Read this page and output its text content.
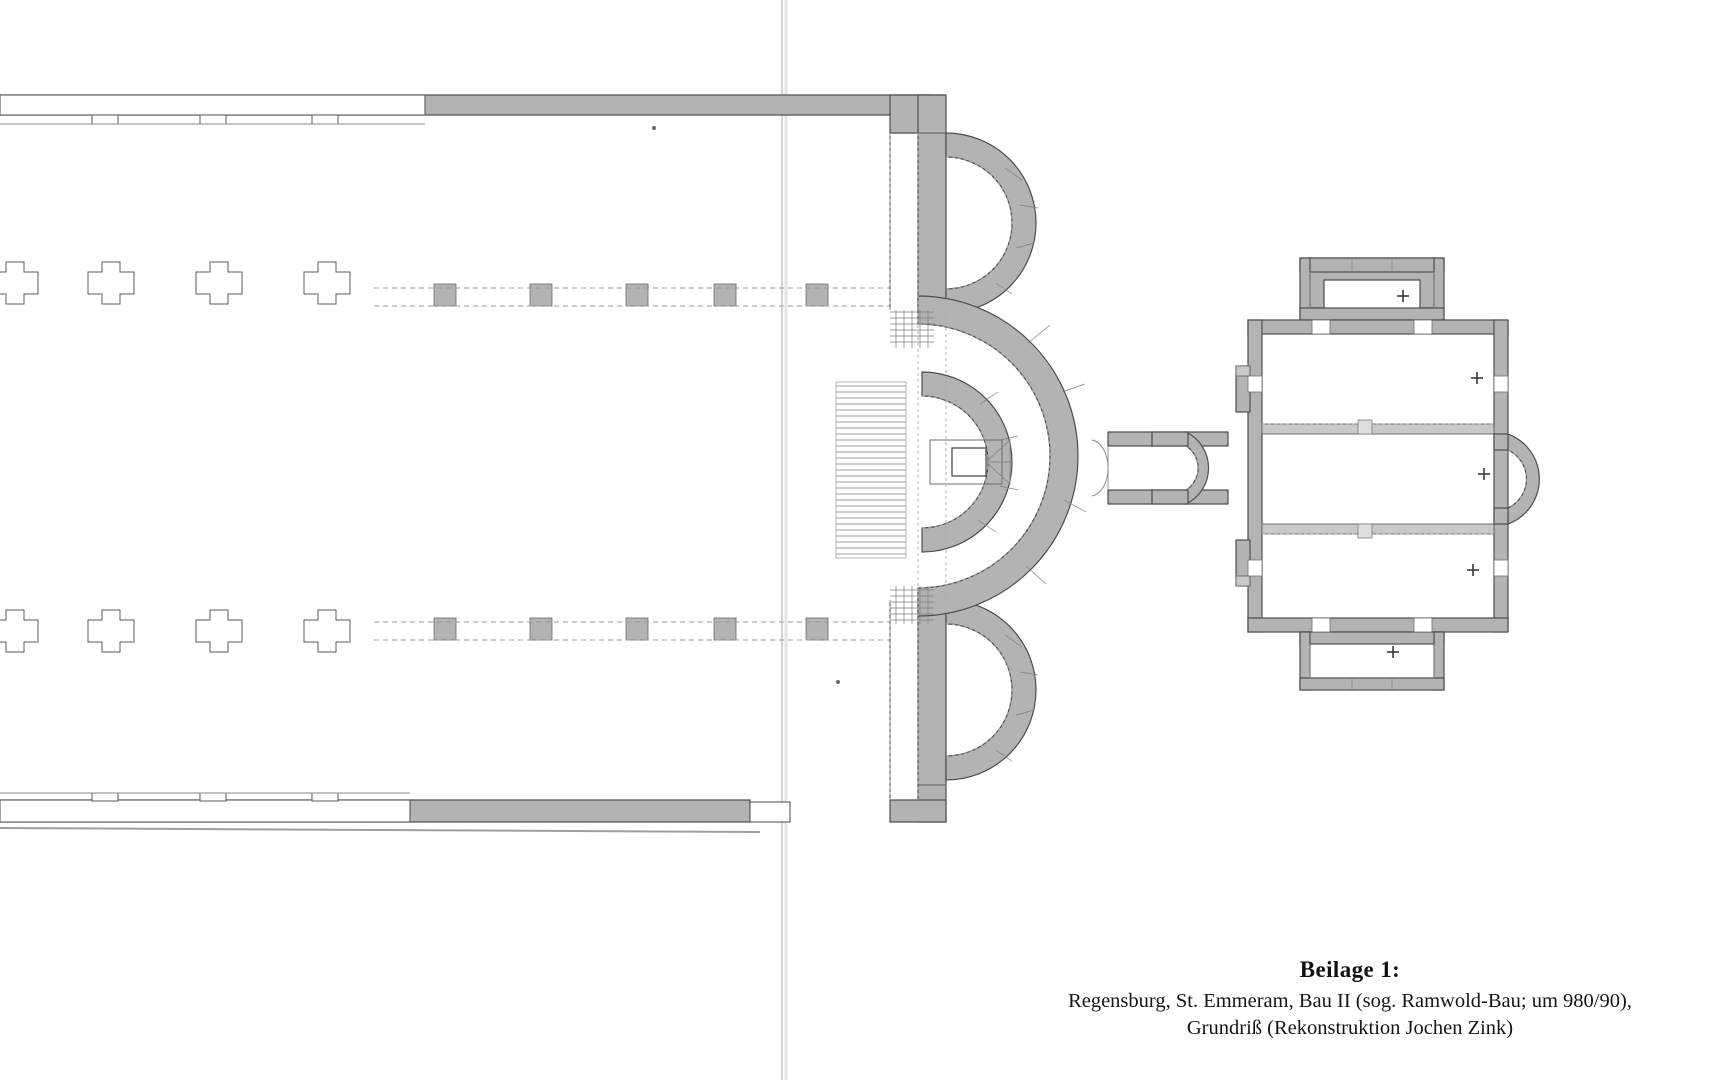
Beilage 1:
Regensburg, St. Emmeram, Bau II (sog. Ramwold-Bau; um 980/90),
Grundriß (Rekonstruktion Jochen Zink)
